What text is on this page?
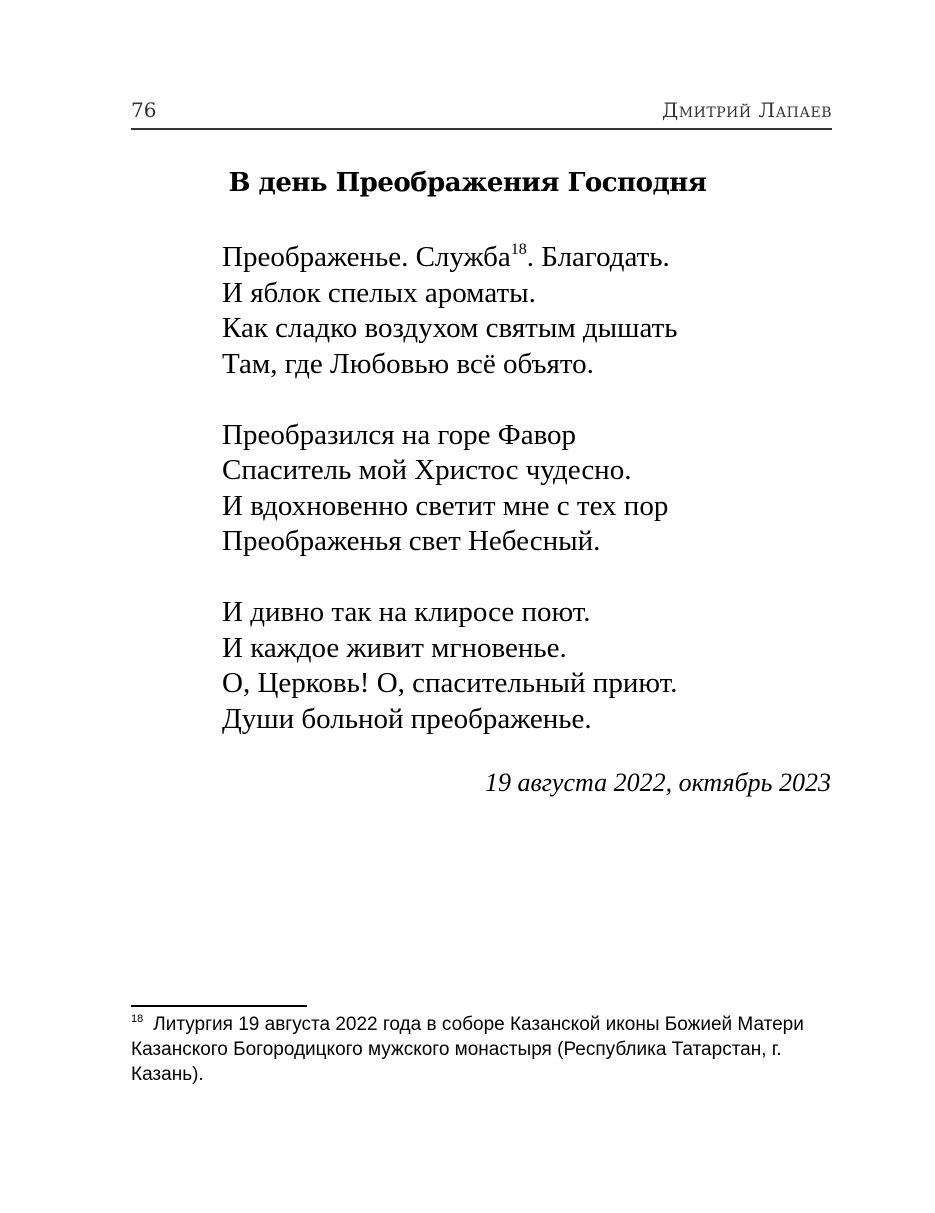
76	Дмитрий Лапаев
В день Преображения Господня
Преображенье. Служба$^{18}$. Благодать.
И яблок спелых ароматы.
Как сладко воздухом святым дышать
Там, где Любовью всё объято.
Преобразился на горе Фавор
Спаситель мой Христос чудесно.
И вдохновенно светит мне с тех пор
Преображенья свет Небесный.
И дивно так на клиросе поют.
И каждое живит мгновенье.
О, Церковь! О, спасительный приют.
Души больной преображенье.
19 августа 2022, октябрь 2023
$^{18}$ Литургия 19 августа 2022 года в соборе Казанской иконы Божией Матери Казанского Богородицкого мужского монастыря (Республика Татарстан, г. Казань).
